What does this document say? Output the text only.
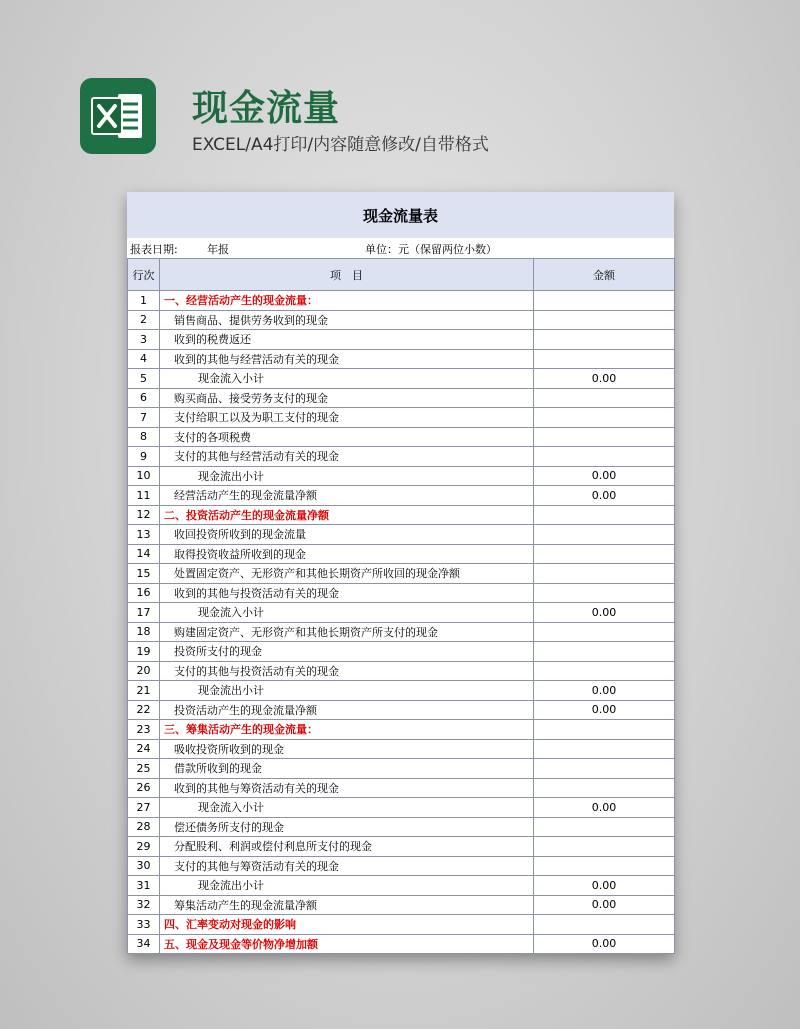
现金流量
EXCEL/A4打印/内容随意修改/自带格式
现金流量表
报表日期:	年报	单位：元（保留两位小数）
行次	项　目	金额
1	一、经营活动产生的现金流量：	
2	销售商品、提供劳务收到的现金	
3	收到的税费返还	
4	收到的其他与经营活动有关的现金	
5	现金流入小计	0.00
6	购买商品、接受劳务支付的现金	
7	支付给职工以及为职工支付的现金	
8	支付的各项税费	
9	支付的其他与经营活动有关的现金	
10	现金流出小计	0.00
11	经营活动产生的现金流量净额	0.00
12	二、投资活动产生的现金流量净额	
13	收回投资所收到的现金流量	
14	取得投资收益所收到的现金	
15	处置固定资产、无形资产和其他长期资产所收回的现金净额	
16	收到的其他与投资活动有关的现金	
17	现金流入小计	0.00
18	购建固定资产、无形资产和其他长期资产所支付的现金	
19	投资所支付的现金	
20	支付的其他与投资活动有关的现金	
21	现金流出小计	0.00
22	投资活动产生的现金流量净额	0.00
23	三、筹集活动产生的现金流量：	
24	吸收投资所收到的现金	
25	借款所收到的现金	
26	收到的其他与筹资活动有关的现金	
27	现金流入小计	0.00
28	偿还债务所支付的现金	
29	分配股利、利润或偿付利息所支付的现金	
30	支付的其他与筹资活动有关的现金	
31	现金流出小计	0.00
32	筹集活动产生的现金流量净额	0.00
33	四、汇率变动对现金的影响	
34	五、现金及现金等价物净增加额	0.00
